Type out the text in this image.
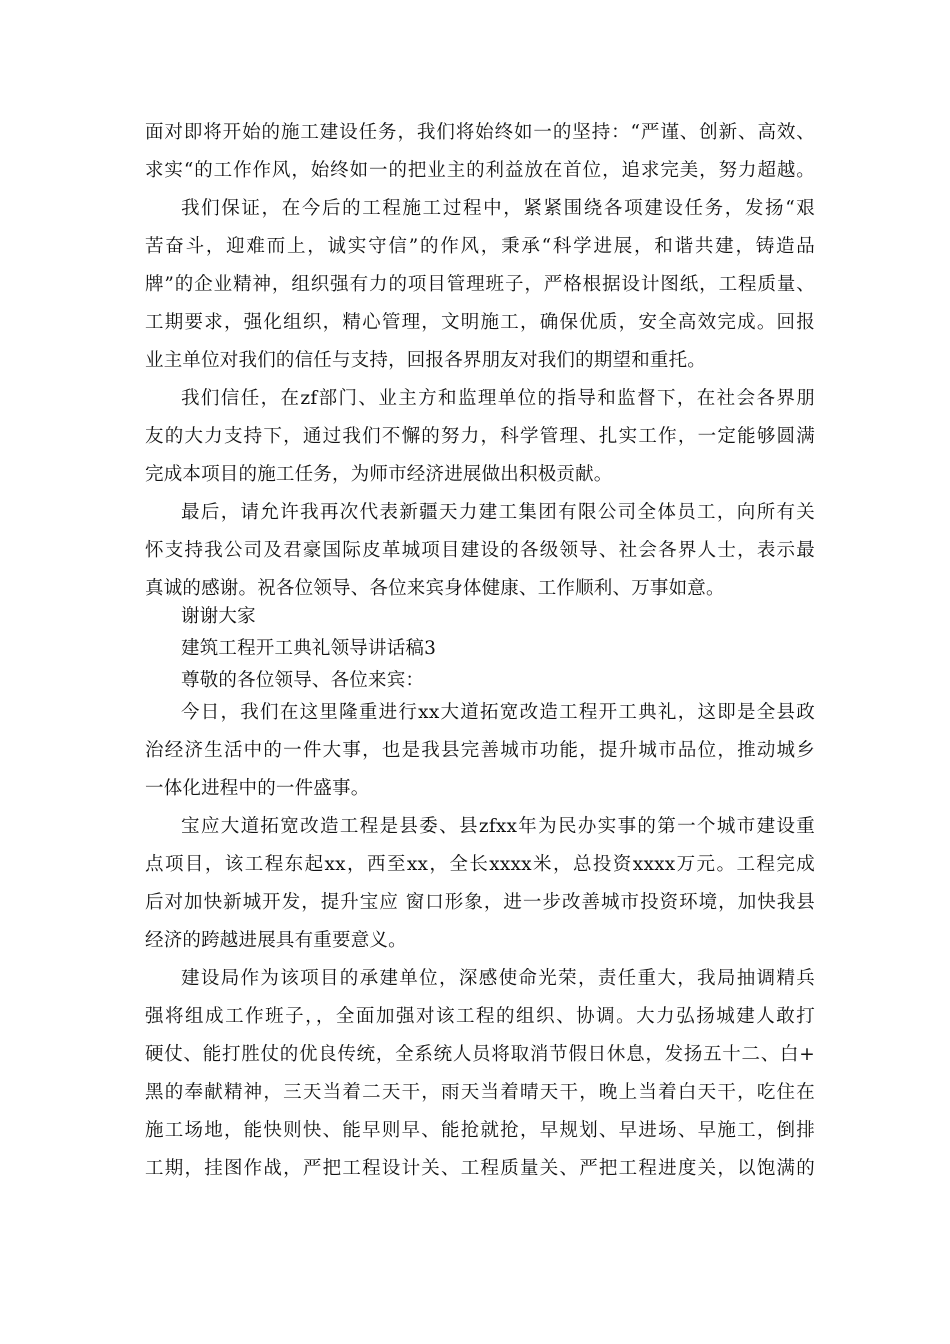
面对即将开始的施工建设任务，我们将始终如一的坚持：“严谨、创新、高效、
求实“的工作作风，始终如一的把业主的利益放在首位，追求完美，努力超越。
我们保证，在今后的工程施工过程中，紧紧围绕各项建设任务，发扬“艰
苦奋斗，迎难而上，诚实守信”的作风，秉承“科学进展，和谐共建，铸造品
牌”的企业精神，组织强有力的项目管理班子，严格根据设计图纸，工程质量、
工期要求，强化组织，精心管理，文明施工，确保优质，安全高效完成。回报
业主单位对我们的信任与支持，回报各界朋友对我们的期望和重托。
我们信任，在zf部门、业主方和监理单位的指导和监督下，在社会各界朋
友的大力支持下，通过我们不懈的努力，科学管理、扎实工作，一定能够圆满
完成本项目的施工任务，为师市经济进展做出积极贡献。
最后，请允许我再次代表新疆天力建工集团有限公司全体员工，向所有关
怀支持我公司及君豪国际皮革城项目建设的各级领导、社会各界人士，表示最
真诚的感谢。祝各位领导、各位来宾身体健康、工作顺利、万事如意。
谢谢大家
建筑工程开工典礼领导讲话稿3
尊敬的各位领导、各位来宾：
今日，我们在这里隆重进行xx大道拓宽改造工程开工典礼，这即是全县政
治经济生活中的一件大事，也是我县完善城市功能，提升城市品位，推动城乡
一体化进程中的一件盛事。
宝应大道拓宽改造工程是县委、县zfxx年为民办实事的第一个城市建设重
点项目，该工程东起xx，西至xx，全长xxxx米，总投资xxxx万元。工程完成
后对加快新城开发，提升宝应 窗口形象，进一步改善城市投资环境，加快我县
经济的跨越进展具有重要意义。
建设局作为该项目的承建单位，深感使命光荣，责任重大，我局抽调精兵
强将组成工作班子，，全面加强对该工程的组织、协调。大力弘扬城建人敢打
硬仗、能打胜仗的优良传统，全系统人员将取消节假日休息，发扬五十二、白+
黑的奉献精神，三天当着二天干，雨天当着晴天干，晚上当着白天干，吃住在
施工场地，能快则快、能早则早、能抢就抢，早规划、早进场、早施工，倒排
工期，挂图作战，严把工程设计关、工程质量关、严把工程进度关，以饱满的
